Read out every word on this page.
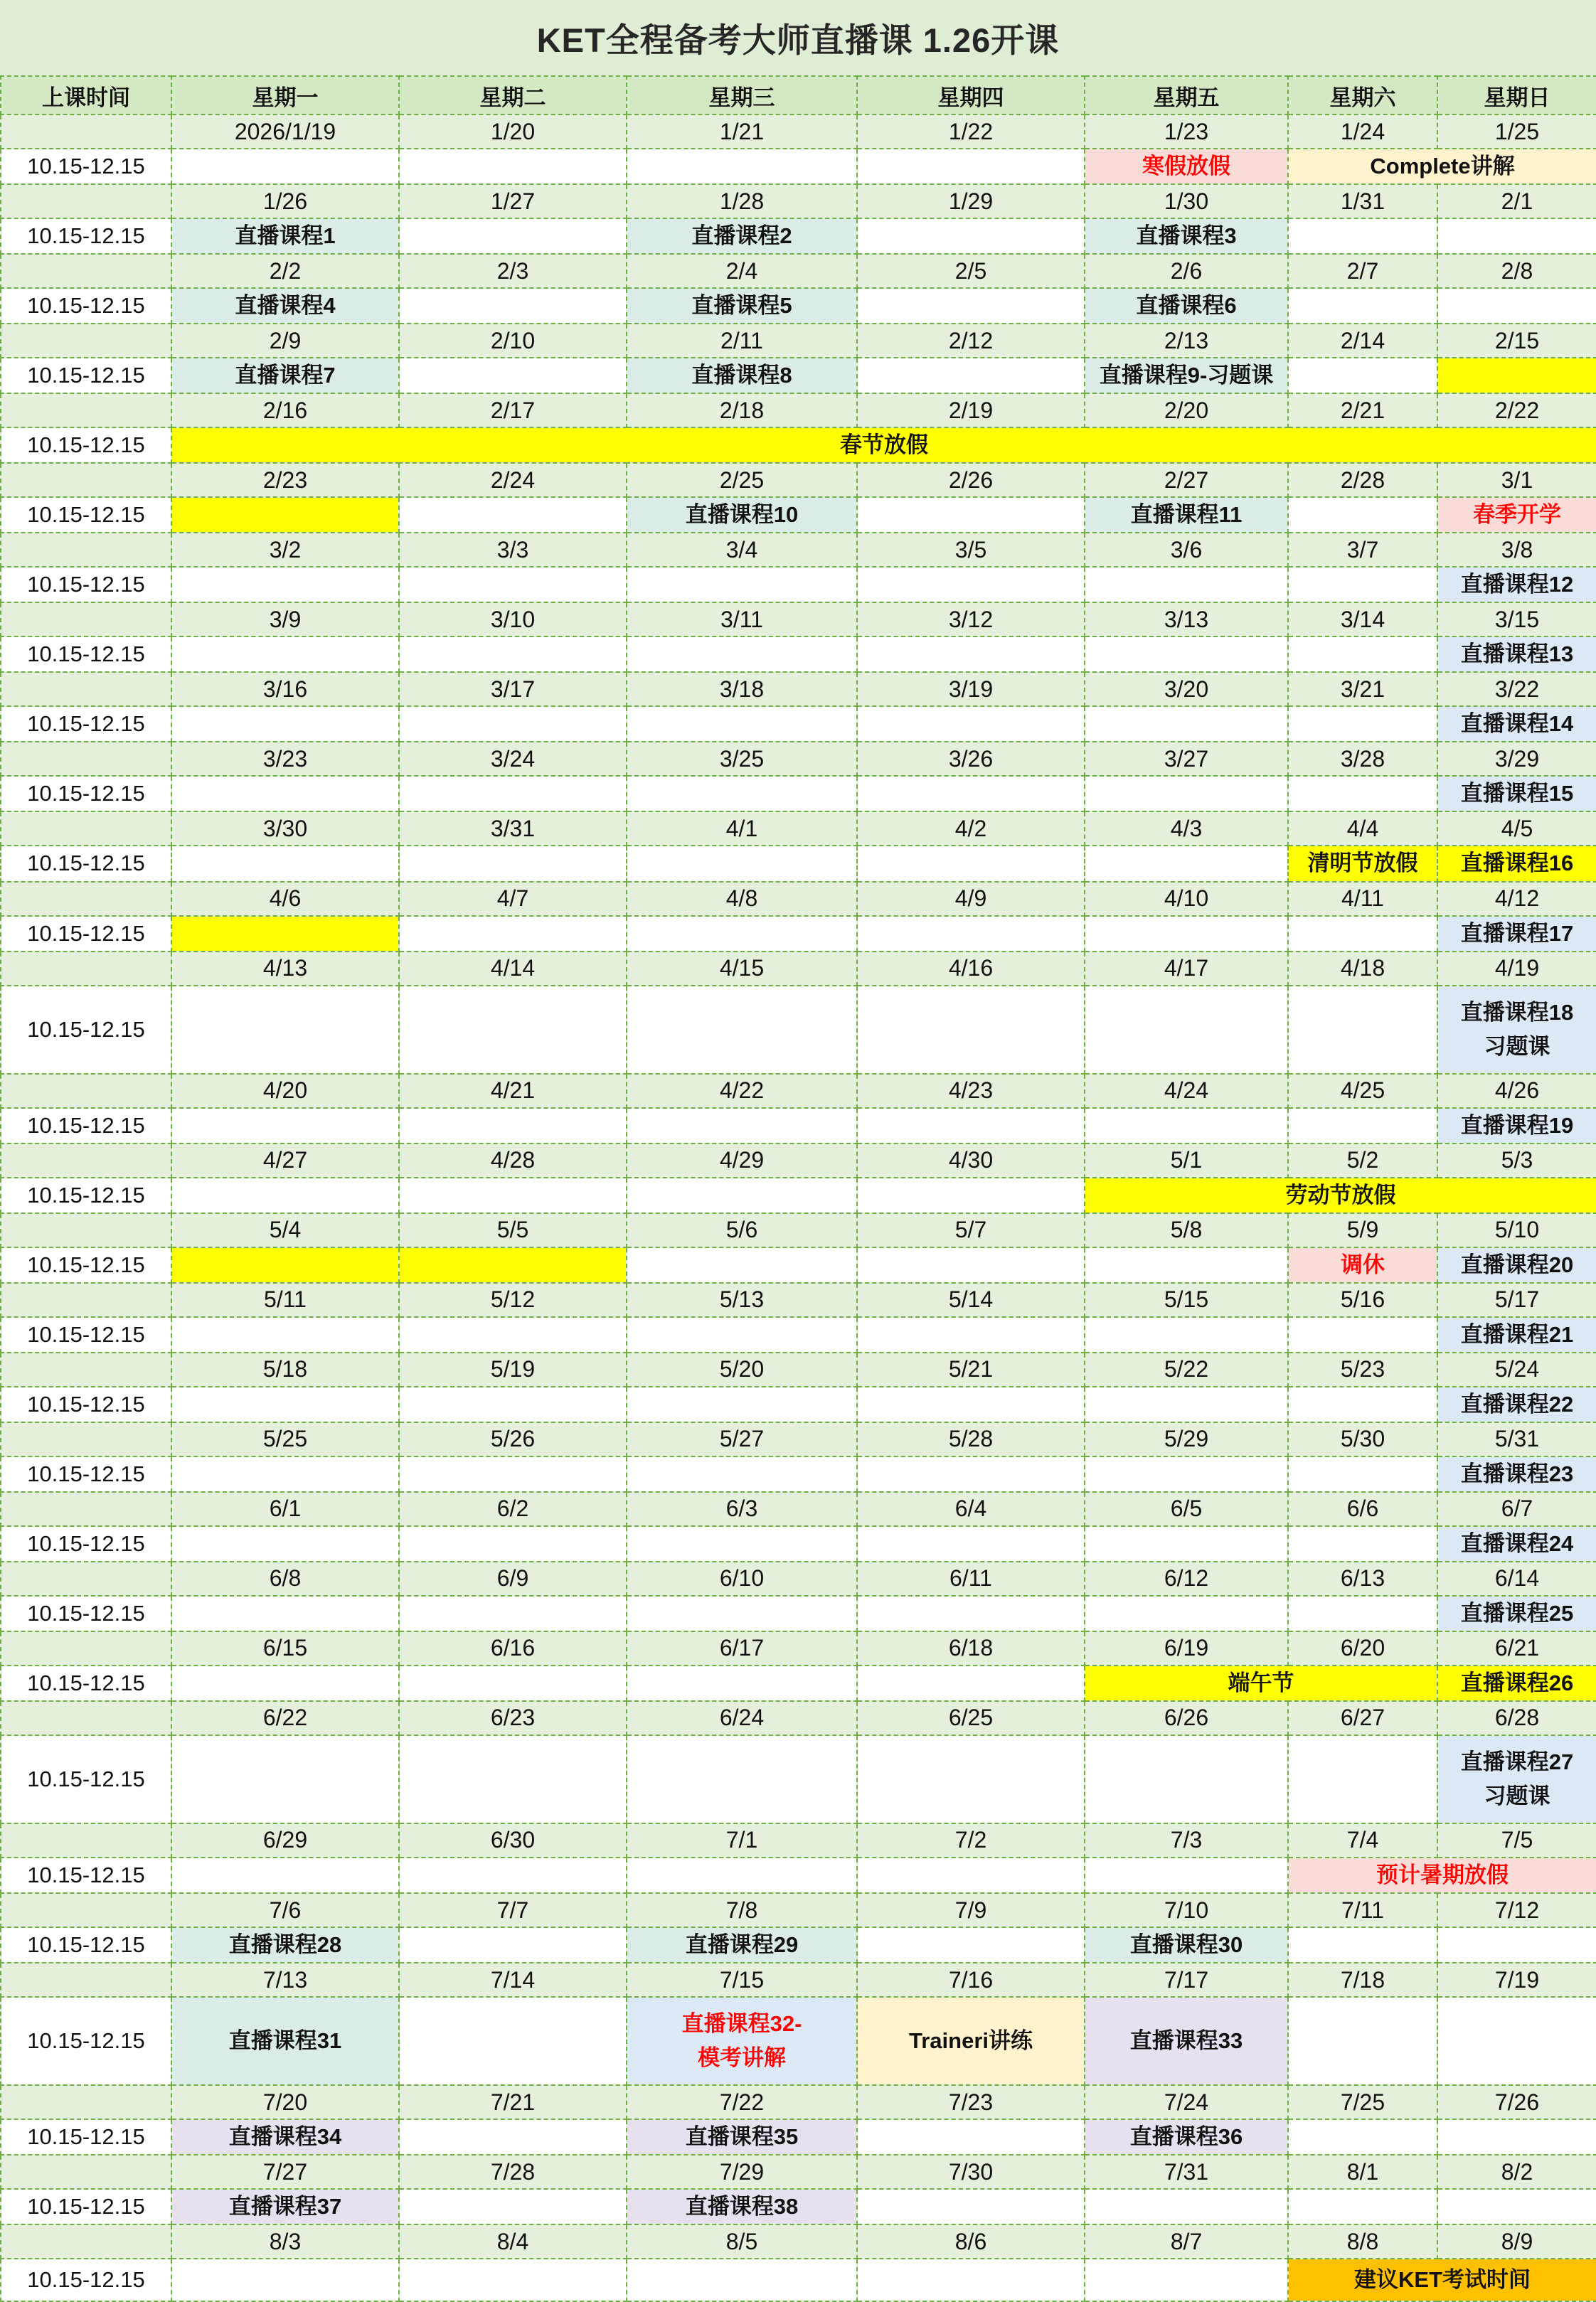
KET全程备考大师直播课 1.26开课
上课时间	星期一	星期二	星期三	星期四	星期五	星期六	星期日
	2026/1/19	1/20	1/21	1/22	1/23	1/24	1/25
10.15-12.15					寒假放假	Complete讲解	

	1/26	1/27	1/28	1/29	1/30	1/31	2/1
10.15-12.15	直播课程1		直播课程2		直播课程3		

	2/2	2/3	2/4	2/5	2/6	2/7	2/8
10.15-12.15	直播课程4		直播课程5		直播课程6		

	2/9	2/10	2/11	2/12	2/13	2/14	2/15
10.15-12.15	直播课程7		直播课程8		直播课程9-习题课		

	2/16	2/17	2/18	2/19	2/20	2/21	2/22
10.15-12.15	春节放假						

	2/23	2/24	2/25	2/26	2/27	2/28	3/1
10.15-12.15			直播课程10		直播课程11		春季开学

	3/2	3/3	3/4	3/5	3/6	3/7	3/8
10.15-12.15							直播课程12

	3/9	3/10	3/11	3/12	3/13	3/14	3/15
10.15-12.15							直播课程13

	3/16	3/17	3/18	3/19	3/20	3/21	3/22
10.15-12.15							直播课程14

	3/23	3/24	3/25	3/26	3/27	3/28	3/29
10.15-12.15							直播课程15

	3/30	3/31	4/1	4/2	4/3	4/4	4/5
10.15-12.15						清明节放假	直播课程16

	4/6	4/7	4/8	4/9	4/10	4/11	4/12
10.15-12.15							直播课程17

	4/13	4/14	4/15	4/16	4/17	4/18	4/19
10.15-12.15							直播课程18
习题课

	4/20	4/21	4/22	4/23	4/24	4/25	4/26
10.15-12.15							直播课程19

	4/27	4/28	4/29	4/30	5/1	5/2	5/3
10.15-12.15					劳动节放假		

	5/4	5/5	5/6	5/7	5/8	5/9	5/10
10.15-12.15						调休	直播课程20

	5/11	5/12	5/13	5/14	5/15	5/16	5/17
10.15-12.15							直播课程21

	5/18	5/19	5/20	5/21	5/22	5/23	5/24
10.15-12.15							直播课程22

	5/25	5/26	5/27	5/28	5/29	5/30	5/31
10.15-12.15							直播课程23

	6/1	6/2	6/3	6/4	6/5	6/6	6/7
10.15-12.15							直播课程24

	6/8	6/9	6/10	6/11	6/12	6/13	6/14
10.15-12.15							直播课程25

	6/15	6/16	6/17	6/18	6/19	6/20	6/21
10.15-12.15					端午节		直播课程26

	6/22	6/23	6/24	6/25	6/26	6/27	6/28
10.15-12.15							直播课程27
习题课

	6/29	6/30	7/1	7/2	7/3	7/4	7/5
10.15-12.15						预计暑期放假	

	7/6	7/7	7/8	7/9	7/10	7/11	7/12
10.15-12.15	直播课程28		直播课程29		直播课程30		

	7/13	7/14	7/15	7/16	7/17	7/18	7/19
10.15-12.15	直播课程31		直播课程32-
模考讲解	Traineri讲练	直播课程33		

	7/20	7/21	7/22	7/23	7/24	7/25	7/26
10.15-12.15	直播课程34		直播课程35		直播课程36		

	7/27	7/28	7/29	7/30	7/31	8/1	8/2
10.15-12.15	直播课程37		直播课程38				

	8/3	8/4	8/5	8/6	8/7	8/8	8/9
10.15-12.15						建议KET考试时间	
